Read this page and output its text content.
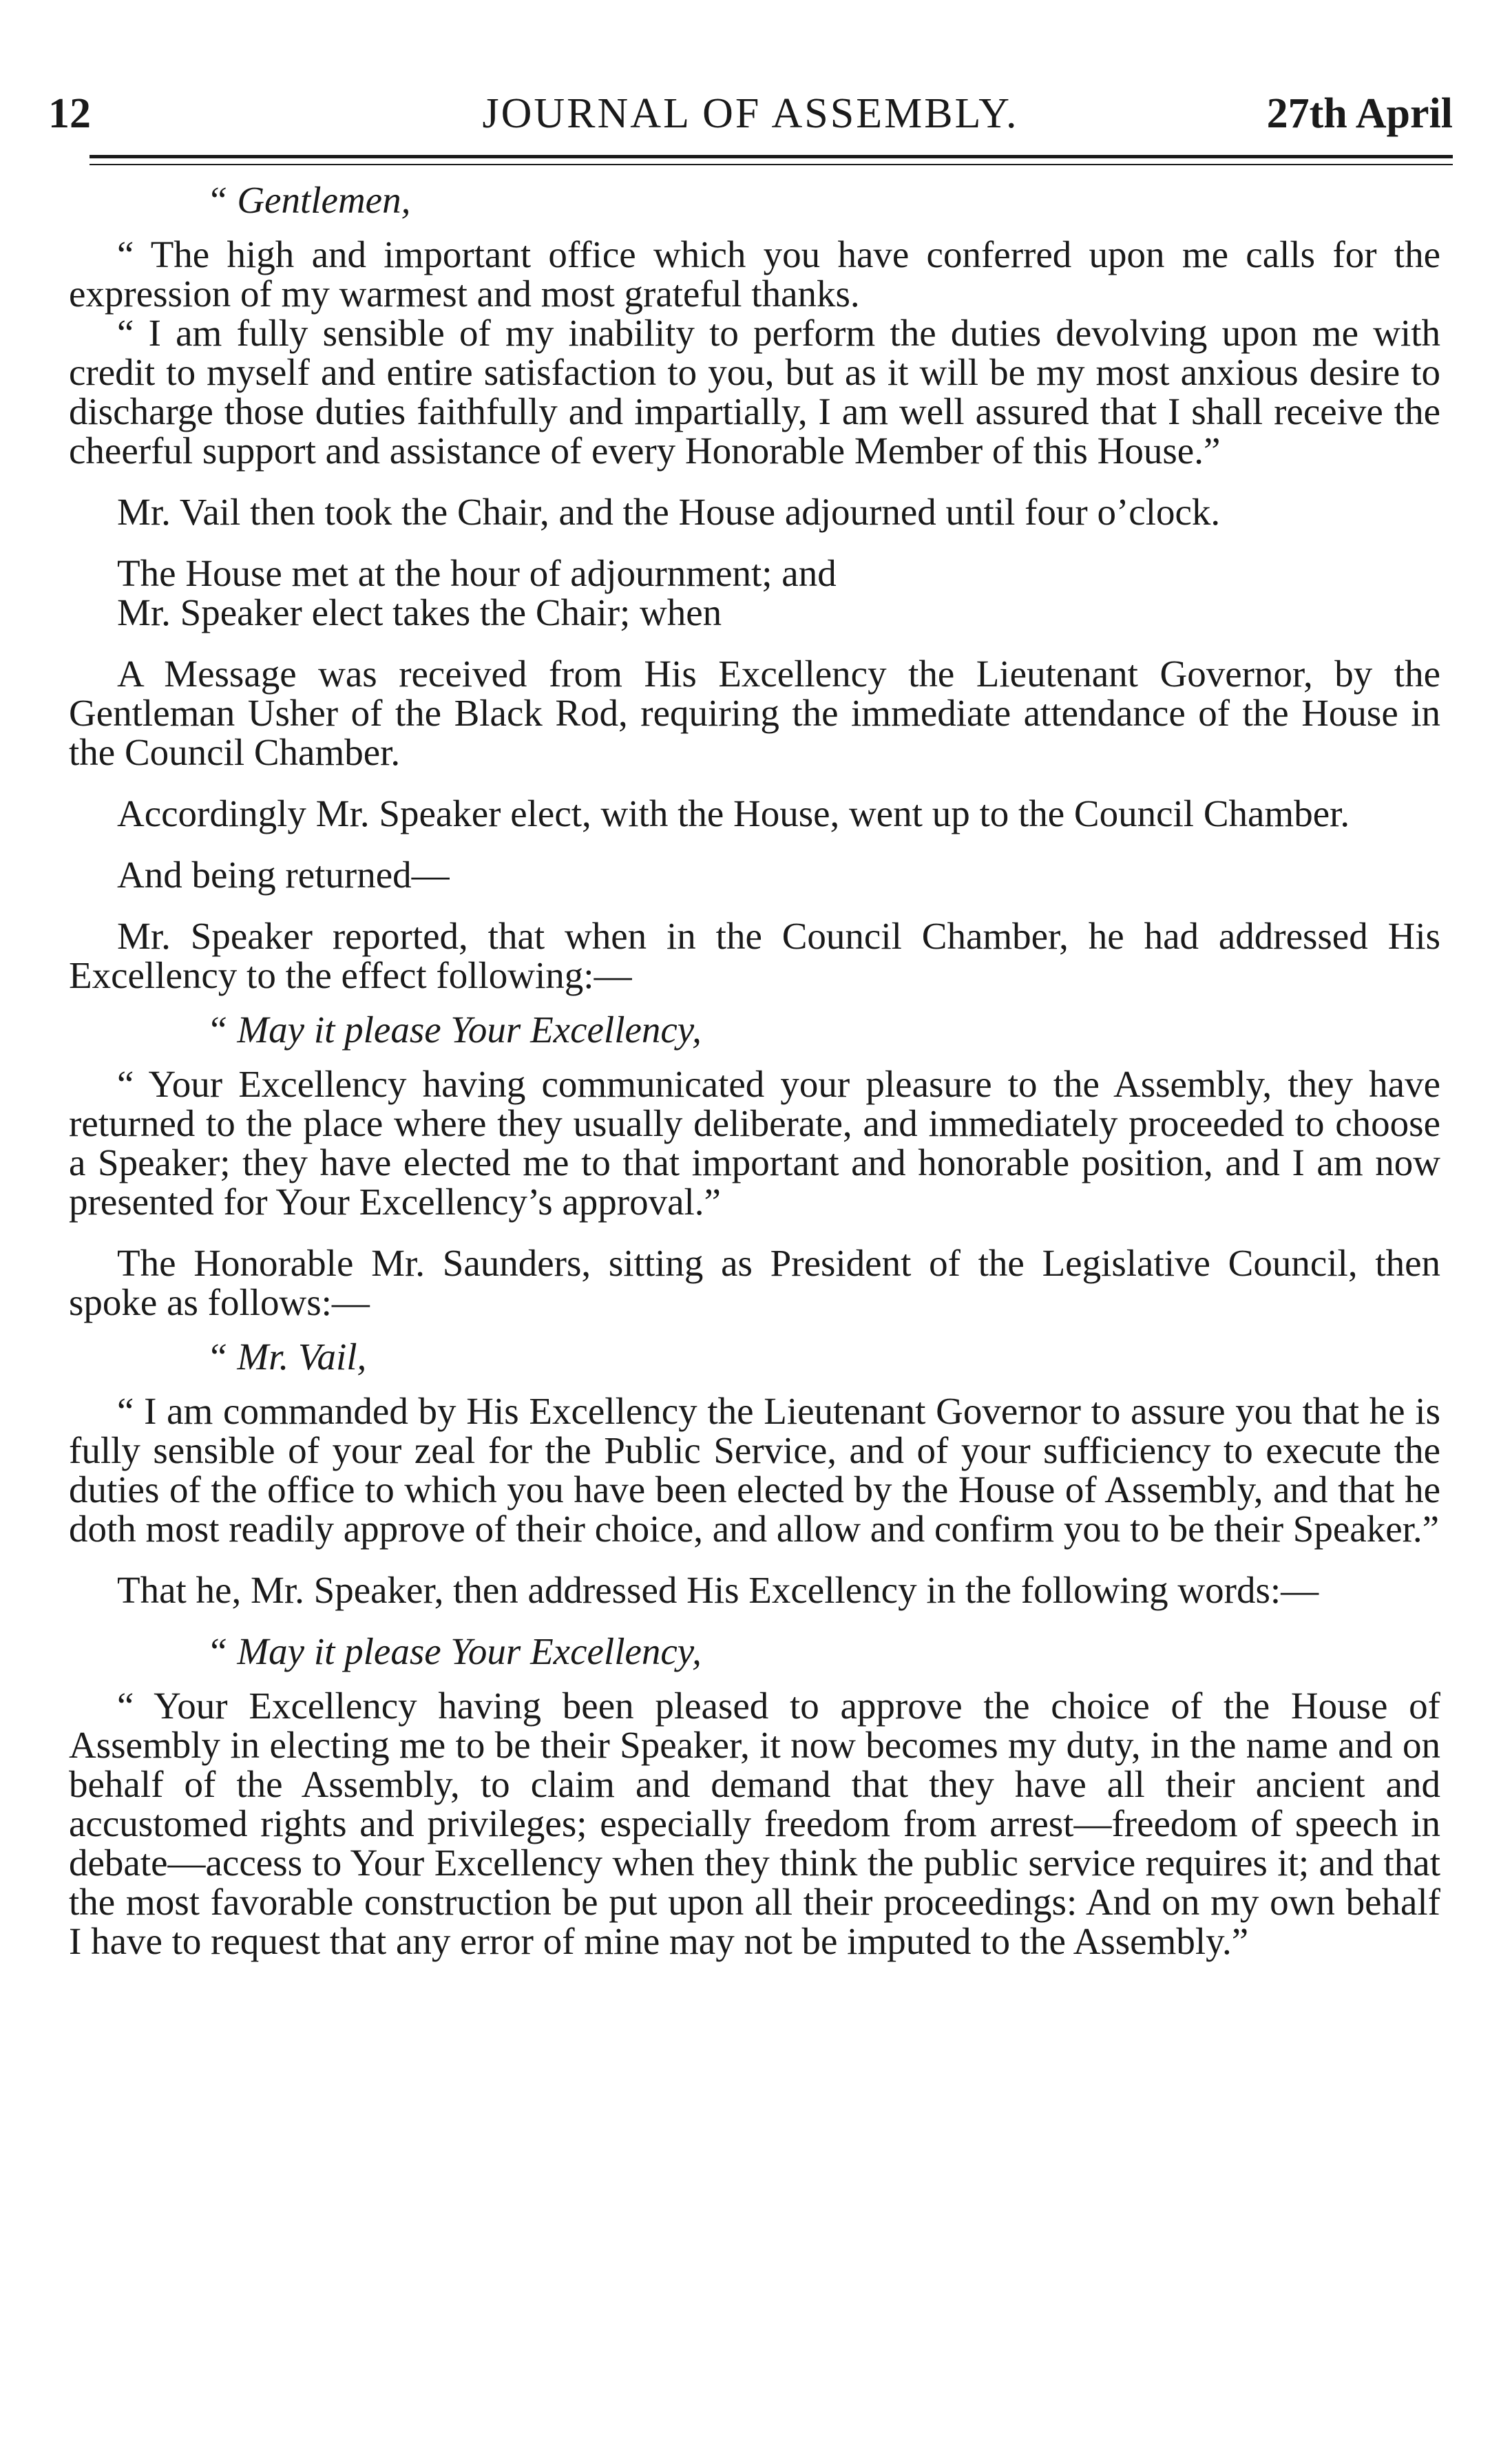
12	JOURNAL OF ASSEMBLY.	27th April

“ Gentlemen,

“ The high and important office which you have conferred upon me calls for the expression of my warmest and most grateful thanks.

“ I am fully sensible of my inability to perform the duties devolving upon me with credit to myself and entire satisfaction to you, but as it will be my most anxious desire to discharge those duties faithfully and impartially, I am well assured that I shall receive the cheerful support and assistance of every Honorable Member of this House.”

Mr. Vail then took the Chair, and the House adjourned until four o’clock.

The House met at the hour of adjournment; and

Mr. Speaker elect takes the Chair; when

A Message was received from His Excellency the Lieutenant Governor, by the Gentleman Usher of the Black Rod, requiring the immediate attendance of the House in the Council Chamber.

Accordingly Mr. Speaker elect, with the House, went up to the Council Chamber.

And being returned—

Mr. Speaker reported, that when in the Council Chamber, he had addressed His Excellency to the effect following:—

“ May it please Your Excellency,

“ Your Excellency having communicated your pleasure to the Assembly, they have returned to the place where they usually deliberate, and immediately proceeded to choose a Speaker; they have elected me to that important and honorable position, and I am now presented for Your Excellency’s approval.”

The Honorable Mr. Saunders, sitting as President of the Legislative Council, then spoke as follows:—

“ Mr. Vail,

“ I am commanded by His Excellency the Lieutenant Governor to assure you that he is fully sensible of your zeal for the Public Service, and of your sufficiency to execute the duties of the office to which you have been elected by the House of Assembly, and that he doth most readily approve of their choice, and allow and confirm you to be their Speaker.”

That he, Mr. Speaker, then addressed His Excellency in the following words:—

“ May it please Your Excellency,

“ Your Excellency having been pleased to approve the choice of the House of Assembly in electing me to be their Speaker, it now becomes my duty, in the name and on behalf of the Assembly, to claim and demand that they have all their ancient and accustomed rights and privileges; especially freedom from arrest—freedom of speech in debate—access to Your Excellency when they think the public service requires it; and that the most favorable construction be put upon all their proceedings: And on my own behalf I have to request that any error of mine may not be imputed to the Assembly.”
